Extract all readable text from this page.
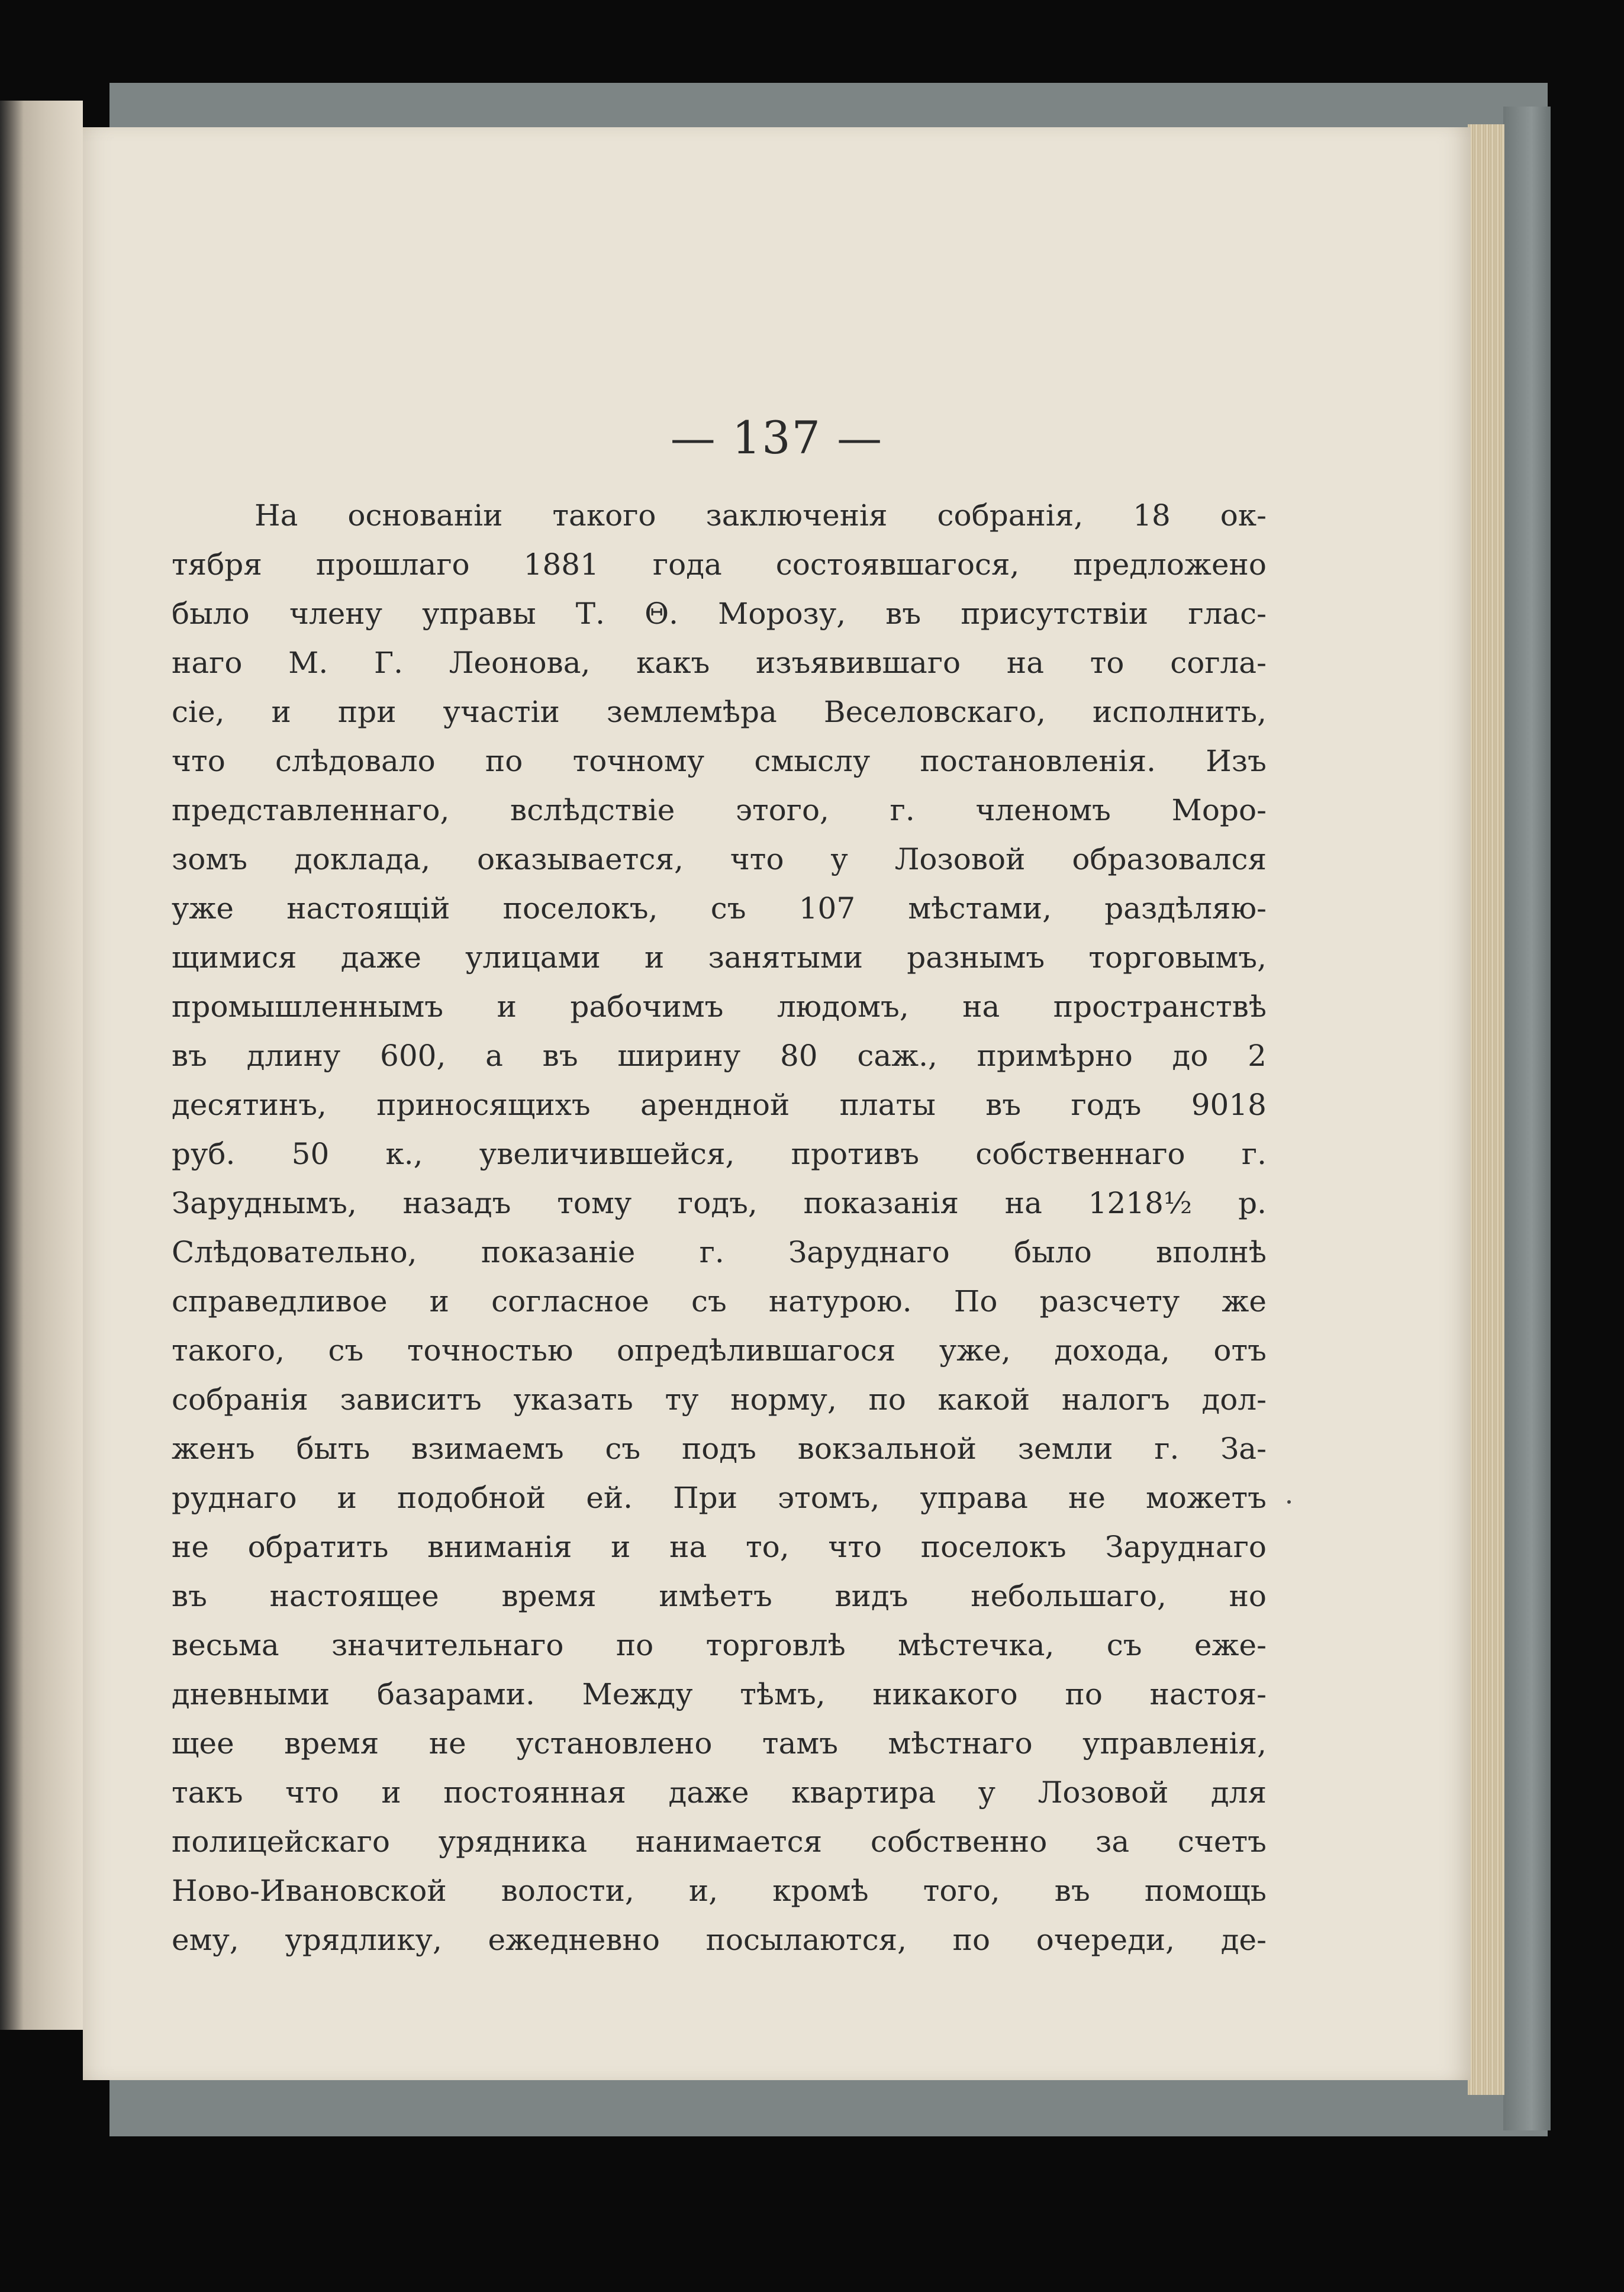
— 137 —
На основаніи такого заключенія собранія, 18 ок-
тября прошлаго 1881 года состоявшагося, предложено
было члену управы Т. Θ. Морозу, въ присутствіи глас-
наго М. Г. Леонова, какъ изъявившаго на то согла-
сіе, и при участіи землемѣра Веселовскаго, исполнить,
что слѣдовало по точному смыслу постановленія. Изъ
представленнаго, вслѣдствіе этого, г. членомъ Моро-
зомъ доклада, оказывается, что у Лозовой образовался
уже настоящій поселокъ, съ 107 мѣстами, раздѣляю-
щимися даже улицами и занятыми разнымъ торговымъ,
промышленнымъ и рабочимъ людомъ, на пространствѣ
въ длину 600, а въ ширину 80 саж., примѣрно до 2
десятинъ, приносящихъ арендной платы въ годъ 9018
руб. 50 к., увеличившейся, противъ собственнаго г.
Заруднымъ, назадъ тому годъ, показанія на 1218½ р.
Слѣдовательно, показаніе г. Зaруднаго было вполнѣ
справедливое и согласное съ натурою. По разсчету же
такого, съ точностью опредѣлившагося уже, дохода, отъ
собранія зависитъ указать ту норму, по какой налогъ дол-
женъ быть взимаемъ съ подъ вокзальной земли г. За-
руднаго и подобной ей. При этомъ, управа не можетъ
не обратить вниманія и на то, что поселокъ Зaруднаго
въ настоящее время имѣетъ видъ небольшаго, но
весьма значительнаго по торговлѣ мѣстечка, съ еже-
дневными базарами. Между тѣмъ, никакого по настоя-
щее время не установлено тамъ мѣстнаго управленія,
такъ что и постоянная даже квартира у Лозовой для
полицейскаго урядника нанимается собственно за счетъ
Ново-Ивановской волости, и, кромѣ того, въ помощь
ему, урядлику, ежедневно посылаются, по очереди, де-
